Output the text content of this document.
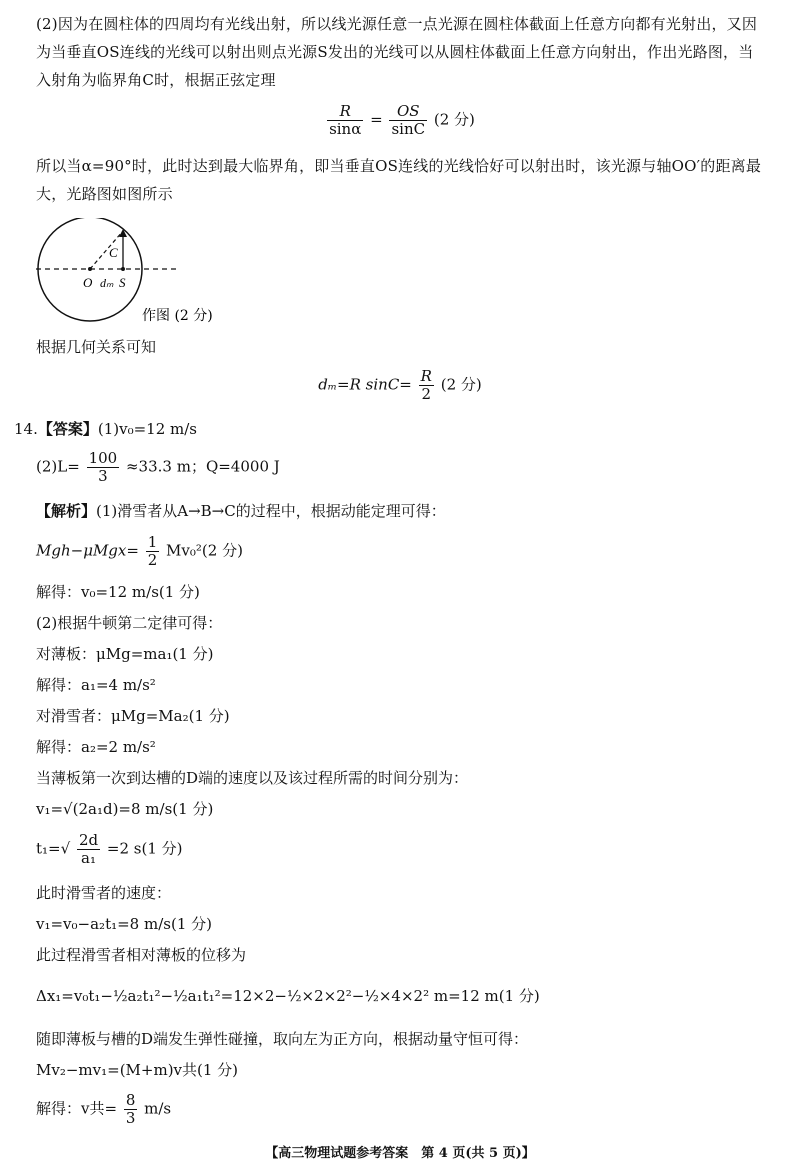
(2)因为在圆柱体的四周均有光线出射，所以线光源任意一点光源在圆柱体截面上任意方向都有光射出，又因为当垂直OS连线的光线可以射出则点光源S发出的光线可以从圆柱体截面上任意方向射出，作出光路图，当入射角为临界角C时，根据正弦定理
$\frac{R}{\sin\alpha} = \frac{OS}{\sin C} (2$ 分)
所以当α=90°时，此时达到最大临界角，即当垂直OS连线的光线恰好可以射出时，该光源与轴OO′的距离最大，光路图如图所示
C
O dₘ S
作图 (2 分)
根据几何关系可知
dₘ=R $\sin C= \frac{R}{2} (2$ 分)
14.【答案】(1)v₀=12 m/s
$(2)L= \frac{100}{3} \approx 33.3$ m；Q=4000 J
【解析】(1)滑雪者从A→B→C的过程中，根据动能定理可得：
$Mgh-\mu Mgx= \frac{1}{2} Mv_0^2(2$ 分)
解得：v₀=12 m/s(1 分)
(2)根据牛顿第二定律可得：
对薄板：μMg=ma₁(1 分)
解得：a₁=4 m/s²
对滑雪者：μMg=Ma₂(1 分)
解得：a₂=2 m/s²
当薄板第一次到达槽的D端的速度以及该过程所需的时间分别为：
v₁=√(2a₁d)=8 m/s(1 分)
$t_1=√ \frac{2d}{\text{a₁}} =2$ s(1 分)
此时滑雪者的速度：
v₁=v₀−a₂t₁=8 m/s(1 分)
此过程滑雪者相对薄板的位移为
Δx₁=v₀t₁−½a₂t₁²−½a₁t₁²=12×2−½×2×2²−½×4×2² m=12 m(1 分)
随即薄板与槽的D端发生弹性碰撞，取向左为正方向，根据动量守恒可得：
Mv₂−mv₁=(M+m)v共(1 分)
解得：v共= $\frac{8}{3} m/s$
【高三物理试题参考答案　第 4 页(共 5 页)】
